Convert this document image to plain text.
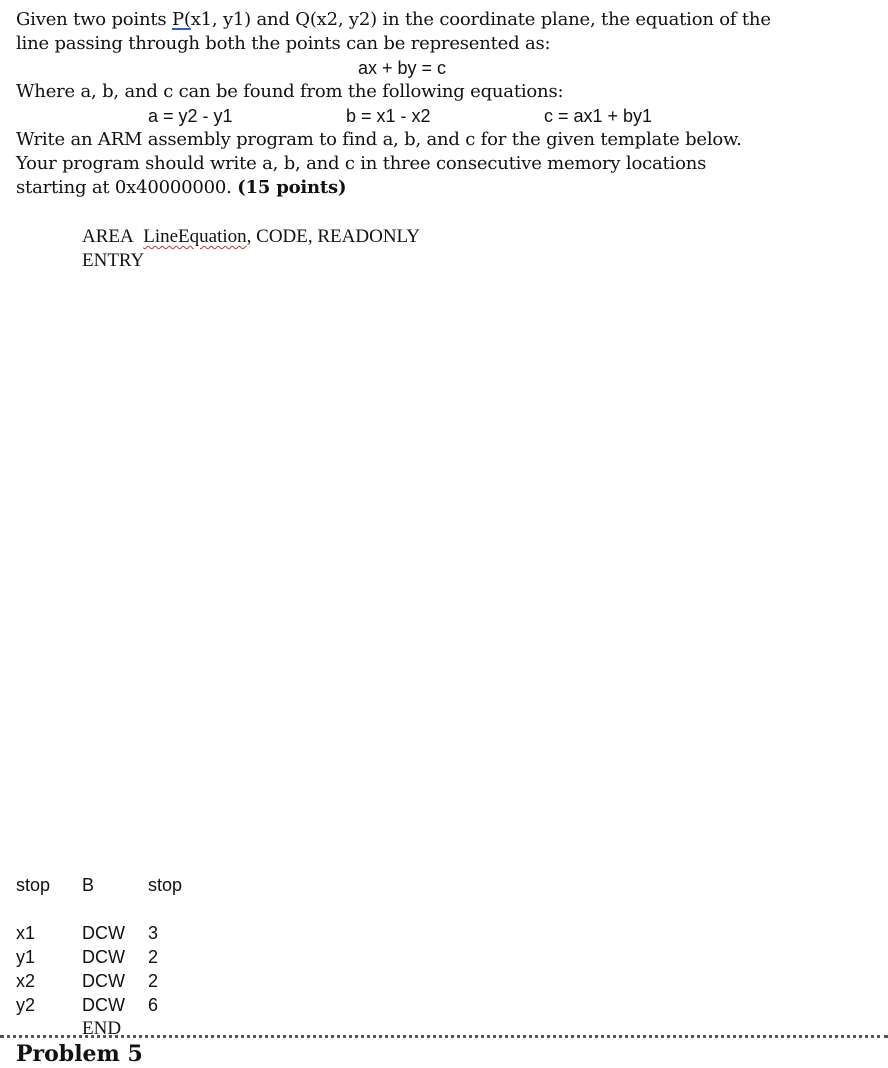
Given two points P(x1, y1) and Q(x2, y2) in the coordinate plane, the equation of the
line passing through both the points can be represented as:
ax + by = c
Where a, b, and c can be found from the following equations:
a = y2 - y1	b = x1 - x2	c = ax1 + by1
Write an ARM assembly program to find a, b, and c for the given template below.
Your program should write a, b, and c in three consecutive memory locations
starting at 0x40000000. (15 points)
AREA LineEquation, CODE, READONLY
ENTRY
stop B	stop
x1	DCW 3
y1	DCW 2
x2	DCW 2
y2	DCW 6
END
Problem 5
